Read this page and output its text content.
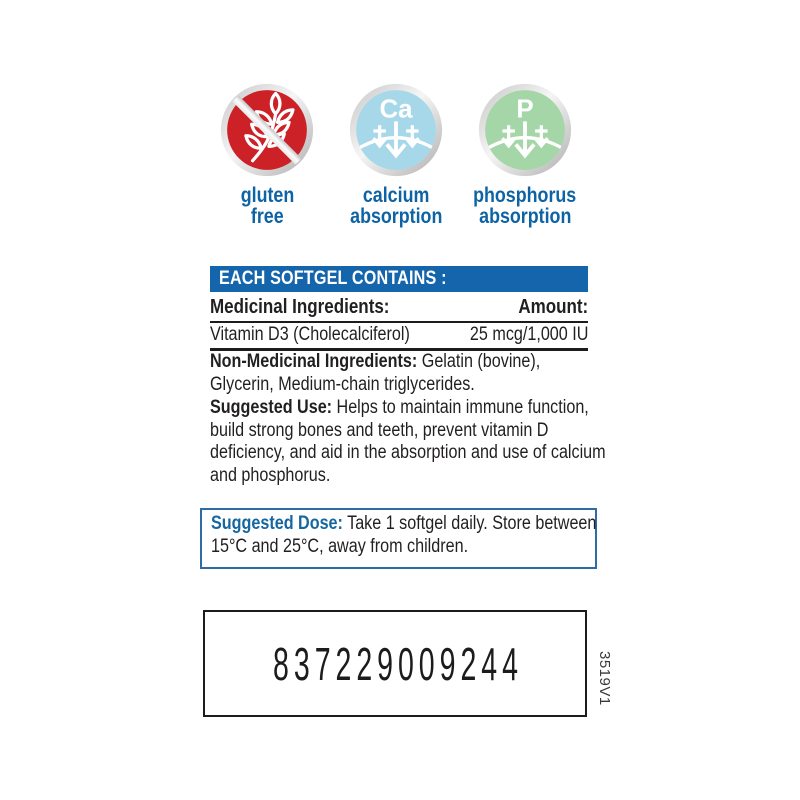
gluten
free
Ca
calcium
absorption
P
phosphorus
absorption
EACH SOFTGEL CONTAINS :
Medicinal Ingredients:	Amount:
Vitamin D3 (Cholecalciferol)	25 mcg/1,000 IU
Non-Medicinal Ingredients: Gelatin (bovine),
Glycerin, Medium-chain triglycerides.
Suggested Use: Helps to maintain immune function,
build strong bones and teeth, prevent vitamin D
deficiency, and aid in the absorption and use of calcium
and phosphorus.
Suggested Dose: Take 1 softgel daily. Store between
15°C and 25°C, away from children.
837229009244	3519V1
